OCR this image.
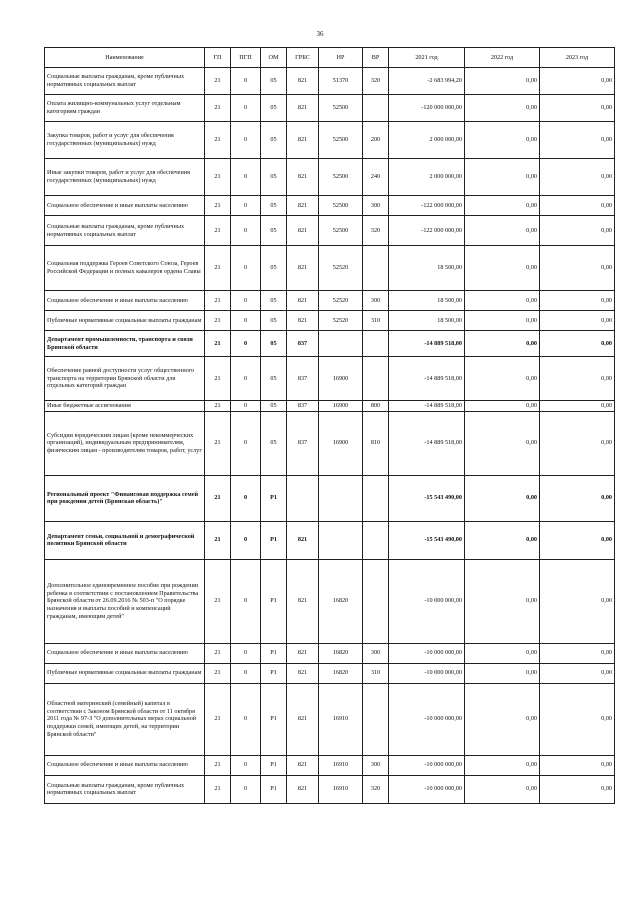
36
Наименование	ГП	ПГП	ОМ	ГРБС	НР	ВР	2021 год	2022 год	2023 год
Социальные выплаты гражданам, кроме публичных нормативных социальных выплат	21	0	05	821	51370	320	-2 683 994,20	0,00	0,00
Оплата жилищно-коммунальных услуг отдельным категориям граждан	21	0	05	821	52500		-120 000 000,00	0,00	0,00
Закупка товаров, работ и услуг для обеспечения государственных (муниципальных) нужд	21	0	05	821	52500	200	2 000 000,00	0,00	0,00
Иные закупки товаров, работ и услуг для обеспечения государственных (муниципальных) нужд	21	0	05	821	52500	240	2 000 000,00	0,00	0,00
Социальное обеспечение и иные выплаты населению	21	0	05	821	52500	300	-122 000 000,00	0,00	0,00
Социальные выплаты гражданам, кроме публичных нормативных социальных выплат	21	0	05	821	52500	320	-122 000 000,00	0,00	0,00
Социальная поддержка Героев Советского Союза, Героев Российской Федерации и полных кавалеров ордена Славы	21	0	05	821	52520		18 500,00	0,00	0,00
Социальное обеспечение и иные выплаты населению	21	0	05	821	52520	300	18 500,00	0,00	0,00
Публичные нормативные социальные выплаты гражданам	21	0	05	821	52520	310	18 500,00	0,00	0,00
Департамент промышленности, транспорта и связи Брянской области	21	0	05	837			-14 889 518,00	0,00	0,00
Обеспечение равной доступности услуг общественного транспорта на территории Брянской области для отдельных категорий граждан	21	0	05	837	16900		-14 889 518,00	0,00	0,00
Иные бюджетные ассигнования	21	0	05	837	16900	800	-14 889 518,00	0,00	0,00
Субсидии юридическим лицам (кроме некоммерческих организаций), индивидуальным предпринимателям, физическим лицам - производителям товаров, работ, услуг	21	0	05	837	16900	810	-14 889 518,00	0,00	0,00
Региональный проект "Финансовая поддержка семей при рождении детей (Брянская область)"	21	0	P1				-15 543 490,00	0,00	0,00
Департамент семьи, социальной и демографической политики Брянской области	21	0	P1	821			-15 543 490,00	0,00	0,00
Дополнительное единовременное пособие при рождении ребенка в соответствии с постановлением Правительства Брянской области от 26.09.2016 № 503-п "О порядке назначения и выплаты пособий и компенсаций гражданам, имеющим детей"	21	0	P1	821	16820		-10 000 000,00	0,00	0,00
Социальное обеспечение и иные выплаты населению	21	0	P1	821	16820	300	-10 000 000,00	0,00	0,00
Публичные нормативные социальные выплаты гражданам	21	0	P1	821	16820	310	-10 000 000,00	0,00	0,00
Областной материнский (семейный) капитал в соответствии с Законом Брянской области от 11 октября 2011 года № 97-З "О дополнительных мерах социальной поддержки семей, имеющих детей, на территории Брянской области"	21	0	P1	821	16910		-10 000 000,00	0,00	0,00
Социальное обеспечение и иные выплаты населению	21	0	P1	821	16910	300	-10 000 000,00	0,00	0,00
Социальные выплаты гражданам, кроме публичных нормативных социальных выплат	21	0	P1	821	16910	320	-10 000 000,00	0,00	0,00
